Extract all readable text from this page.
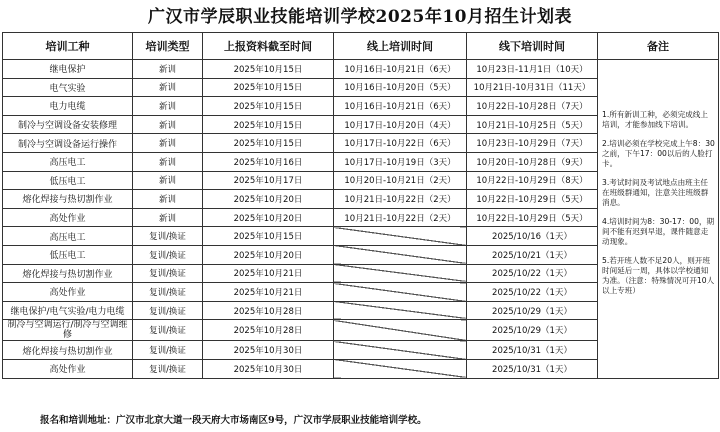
广汉市学辰职业技能培训学校2025年10月招生计划表
培训工种	培训类型	上报资料截至时间	线上培训时间	线下培训时间	备注
继电保护	新训	2025年10月15日	10月16日-10月21日（6天）	10月23日-11月1日（10天）	1.所有新训工种，必须完成线上培训，才能参加线下培训。
2.培训必须在学校完成上午8：30之前，下午17：00以后的人脸打卡。
3.考试时间及考试地点由班主任在班级群通知，注意关注班级群消息。
4.培训时间为8：30-17：00，期间不能有迟到早退，课件随意走动现象。
5.若开班人数不足20人，则开班时间延后一周，具体以学校通知为准。（注意：特殊情况可开10人以上专班）

电气实验	新训	2025年10月15日	10月16日-10月20日（5天）	10月21日-10月31日（11天）	
电力电缆	新训	2025年10月15日	10月16日-10月21日（6天）	10月22日-10月28日（7天）	
制冷与空调设备安装修理	新训	2025年10月15日	10月17日-10月20日（4天）	10月21日-10月25日（5天）	
制冷与空调设备运行操作	新训	2025年10月15日	10月17日-10月22日（6天）	10月23日-10月29日（7天）	
高压电工	新训	2025年10月16日	10月17日-10月19日（3天）	10月20日-10月28日（9天）	
低压电工	新训	2025年10月17日	10月20日-10月21日（2天）	10月22日-10月29日（8天）	
熔化焊接与热切割作业	新训	2025年10月20日	10月21日-10月22日（2天）	10月22日-10月29日（5天）	
高处作业	新训	2025年10月20日	10月21日-10月22日（2天）	10月22日-10月29日（5天）	
高压电工	复训/换证	2025年10月15日		2025/10/16（1天）	
低压电工	复训/换证	2025年10月20日		2025/10/21（1天）	
熔化焊接与热切割作业	复训/换证	2025年10月21日		2025/10/22（1天）	
高处作业	复训/换证	2025年10月21日		2025/10/22（1天）	
继电保护/电气实验/电力电缆	复训/换证	2025年10月28日		2025/10/29（1天）	
制冷与空调运行/制冷与空调维修	复训/换证	2025年10月28日		2025/10/29（1天）	
熔化焊接与热切割作业	复训/换证	2025年10月30日		2025/10/31（1天）	
高处作业	复训/换证	2025年10月30日		2025/10/31（1天）	
报名和培训地址：广汉市北京大道一段天府大市场南区9号，广汉市学辰职业技能培训学校。
